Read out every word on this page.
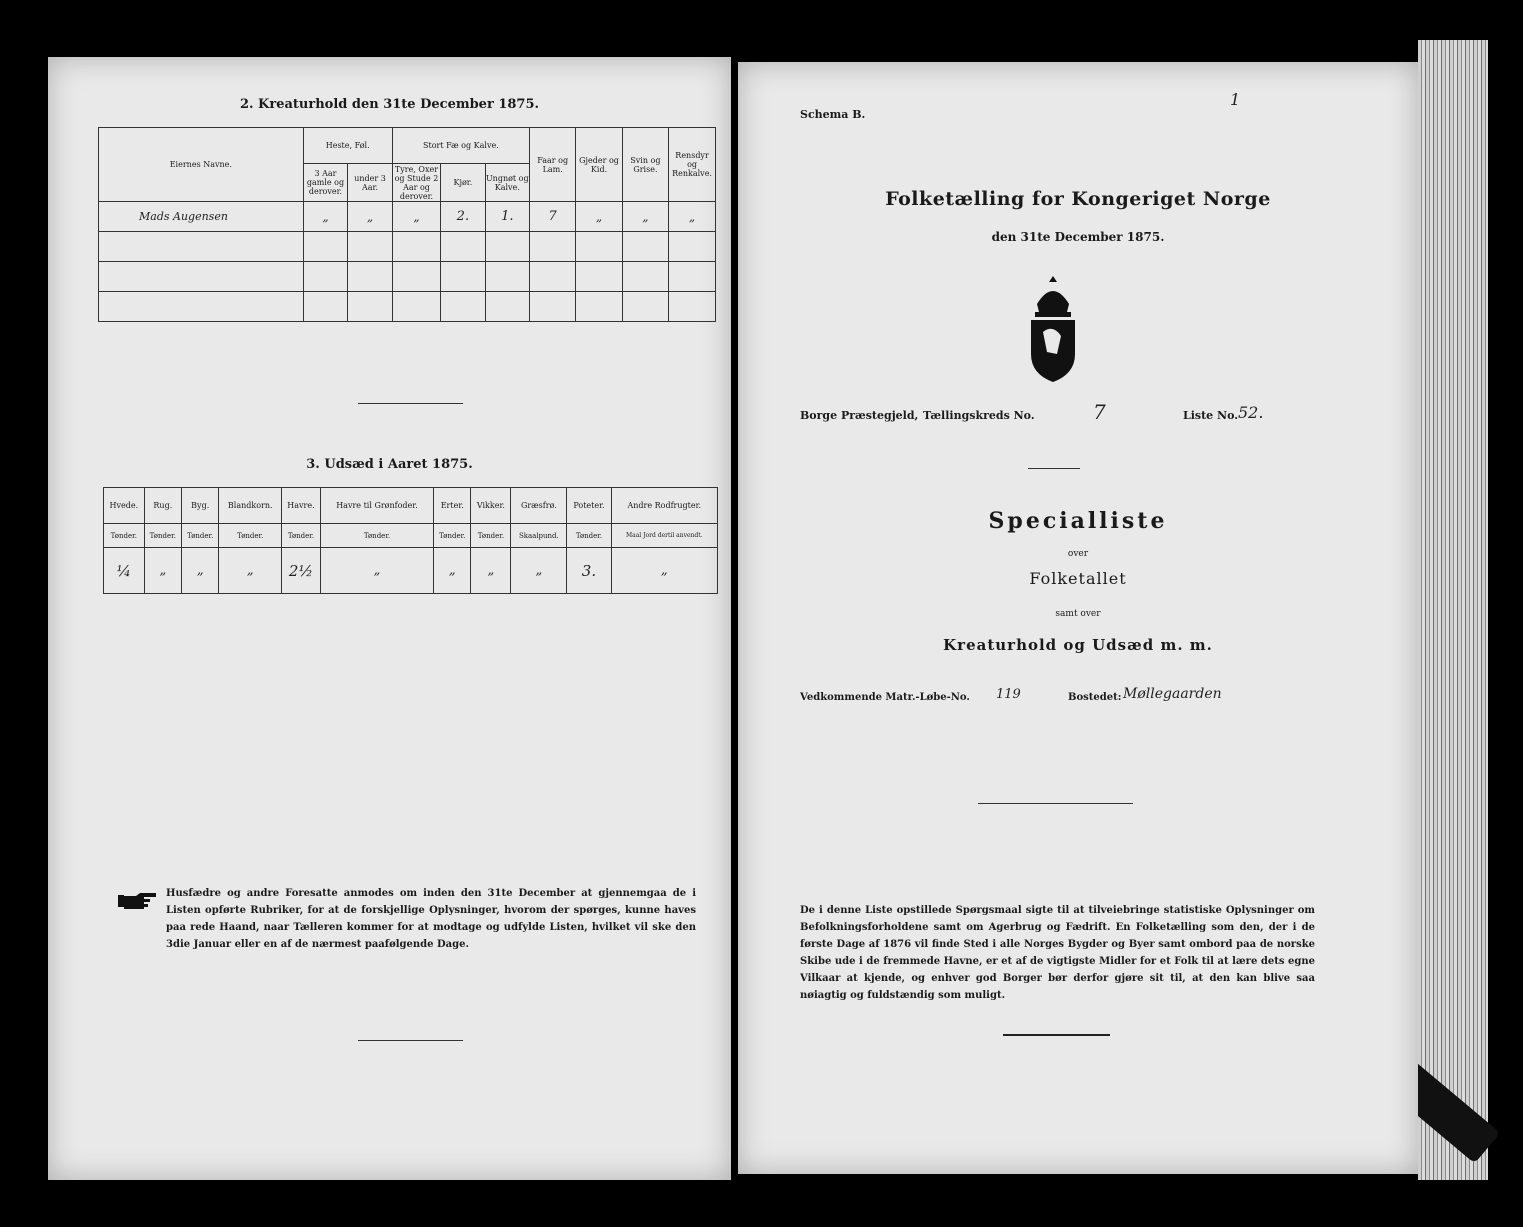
2. Kreaturhold den 31te December 1875.
Eiernes Navne.	Heste, Føl.		Stort Fæ og Kalve.			Faar og Lam.	Gjeder og Kid.	Svin og Grise.	Rensdyr og Renkalve.
	3 Aar gamle og derover.	under 3 Aar.	Tyre, Oxer og Stude 2 Aar og derover.	Kjør.	Ungnøt og Kalve.				
Mads Augensen	„	„	„	2.	1.	7	„	„	„

3. Udsæd i Aaret 1875.
Hvede.	Rug.	Byg.	Blandkorn.	Havre.	Havre til Grønfoder.	Erter.	Vikker.	Græsfrø.	Poteter.	Andre Rodfrugter.
Tønder.	Tønder.	Tønder.	Tønder.	Tønder.	Tønder.	Tønder.	Tønder.	Skaalpund.	Tønder.	Maal Jord dertil anvendt.
¼	„	„	„	2½	„	„	„	„	3.	„
Husfædre og andre Foresatte anmodes om inden den 31te December at gjennemgaa de i Listen opførte Rubriker, for at de forskjellige Oplysninger, hvorom der spørges, kunne haves paa rede Haand, naar Tælleren kommer for at modtage og udfylde Listen, hvilket vil ske den 3die Januar eller en af de nærmest paafølgende Dage.
Schema B.
1
Folketælling for Kongeriget Norge
den 31te December 1875.
Borge Præstegjeld, Tællingskreds No.	7	Liste No. 52.
Specialliste
over
Folketallet
samt over
Kreaturhold og Udsæd m. m.
Vedkommende Matr.-Løbe-No. 119	Bostedet: Møllegaarden
De i denne Liste opstillede Spørgsmaal sigte til at tilveiebringe statistiske Oplysninger om Befolkningsforholdene samt om Agerbrug og Fædrift. En Folketælling som den, der i de første Dage af 1876 vil finde Sted i alle Norges Bygder og Byer samt ombord paa de norske Skibe ude i de fremmede Havne, er et af de vigtigste Midler for et Folk til at lære dets egne Vilkaar at kjende, og enhver god Borger bør derfor gjøre sit til, at den kan blive saa nøiagtig og fuldstændig som muligt.
